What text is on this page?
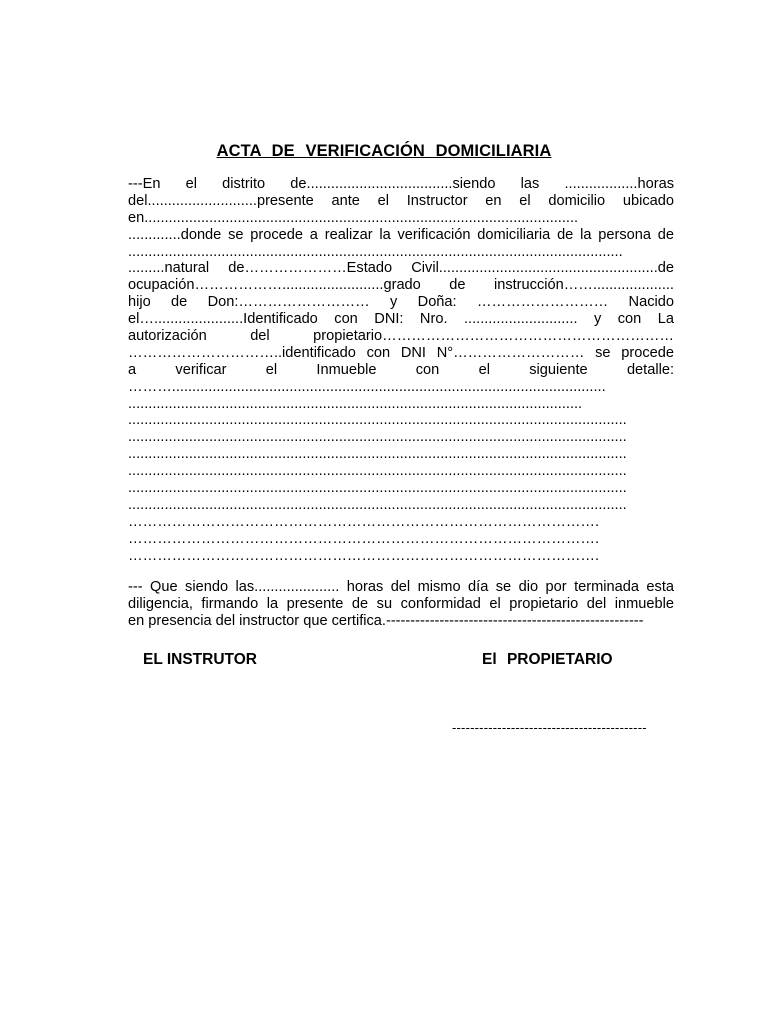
ACTA DE VERIFICACIÓN DOMICILIARIA
---En el distrito de....................................siendo las ..................horas
del...........................presente ante el Instructor en el domicilio ubicado
en...........................................................................................................
.............donde se procede a realizar la verificación domiciliaria de la persona de
..........................................................................................................................
.........natural de…………………Estado Civil......................................................de
ocupación……………….........................grado de instrucción……....................
hijo de Don:……………………… y Doña: ……………………… Nacido
el…......................Identificado con DNI: Nro. ............................ y con La
autorización del propietario……………………………………………………
…………………………..identificado con DNI N°……………………… se procede
a verificar el Inmueble con el siguiente detalle:
………...........................................................................................................
................................................................................................................
...........................................................................................................................
...........................................................................................................................
...........................................................................................................................
...........................................................................................................................
...........................................................................................................................
...........................................................................................................................
…………………………………………………………………………………….
…………………………………………………………………………………….
…………………………………………………………………………………….
--- Que siendo las..................... horas del mismo día se dio por terminada esta
diligencia, firmando la presente de su conformidad el propietario del inmueble
en presencia del instructor que certifica.-----------------------------------------------------
EL INSTRUTOR	El PROPIETARIO
-------------------------------------------
